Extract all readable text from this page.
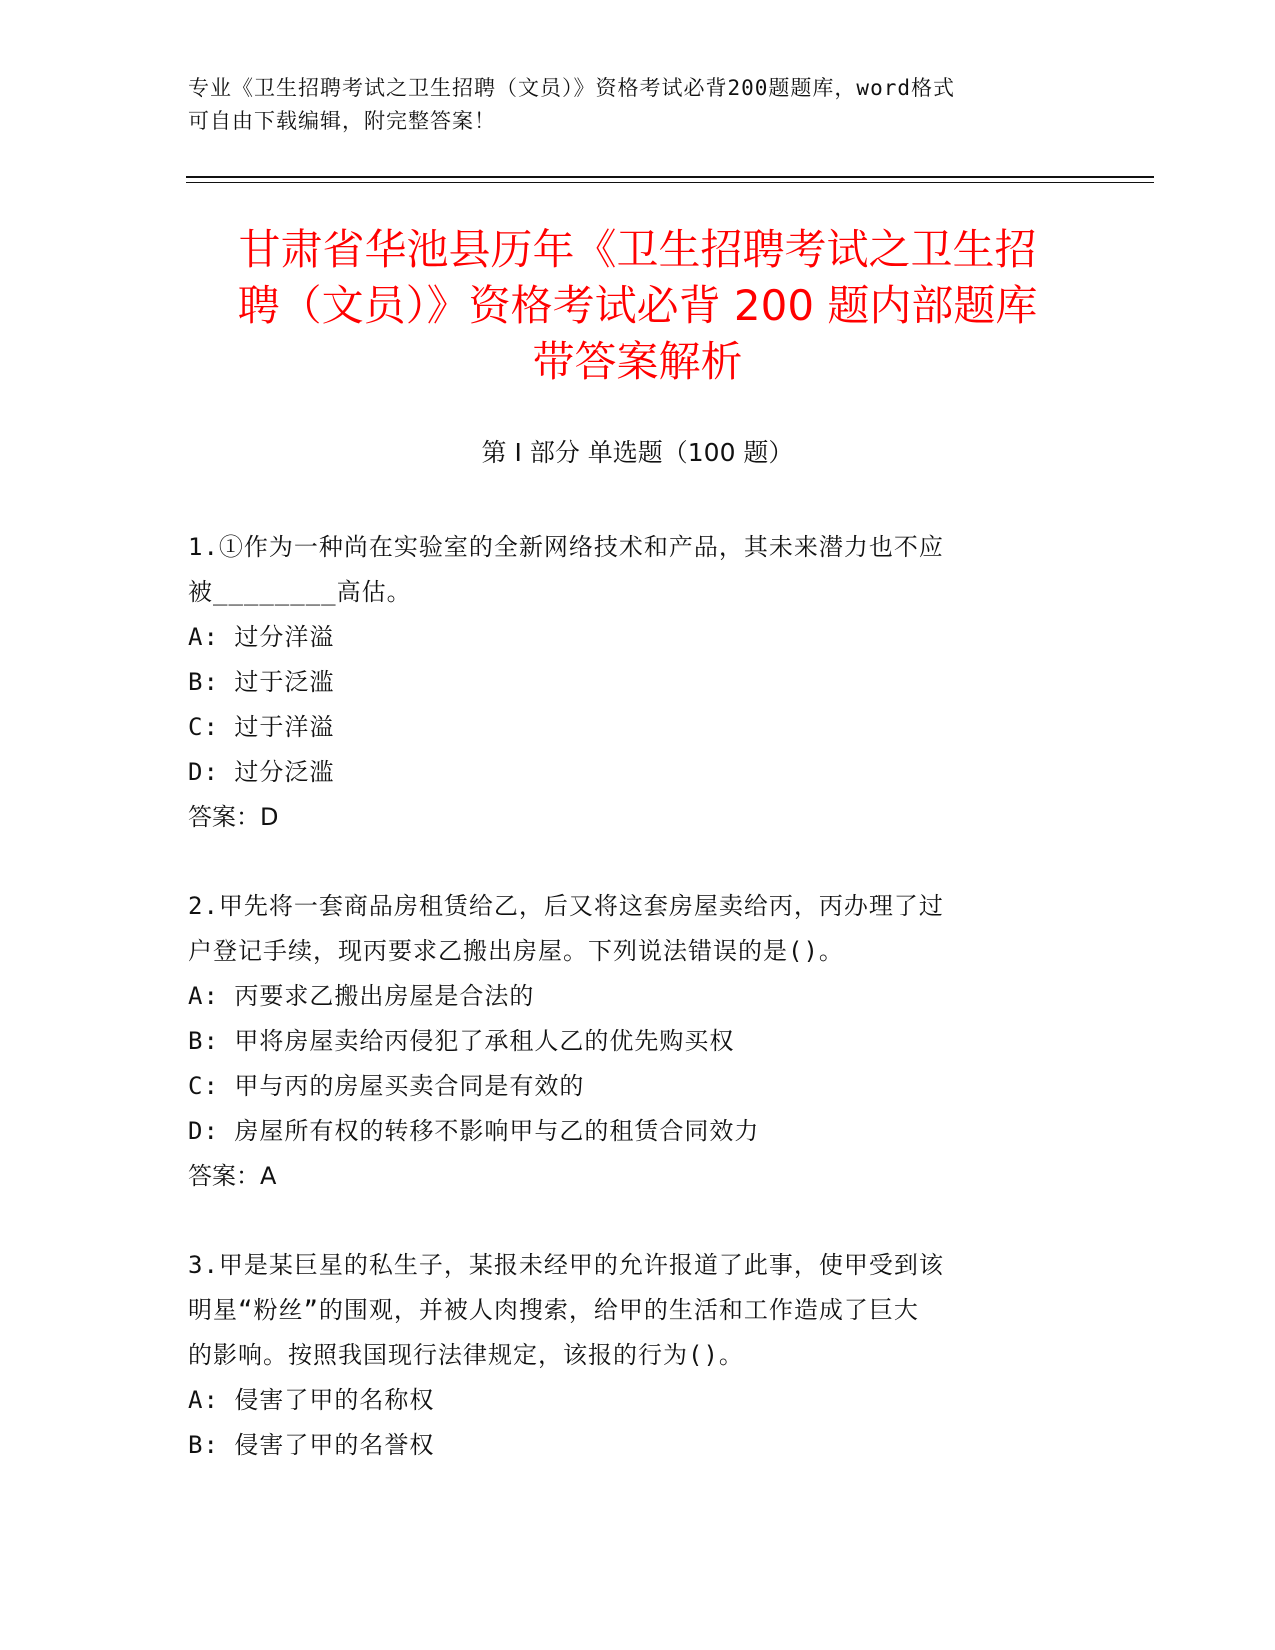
专业《卫生招聘考试之卫生招聘（文员）》资格考试必背200题题库，word格式
可自由下载编辑，附完整答案！
甘肃省华池县历年《卫生招聘考试之卫生招
聘（文员）》资格考试必背 200 题内部题库
带答案解析
第 I 部分 单选题（100 题）
1.①作为一种尚在实验室的全新网络技术和产品，其未来潜力也不应
被________高估。
A: 过分洋溢
B: 过于泛滥
C: 过于洋溢
D: 过分泛滥
答案：D
2.甲先将一套商品房租赁给乙，后又将这套房屋卖给丙，丙办理了过
户登记手续，现丙要求乙搬出房屋。下列说法错误的是()。
A: 丙要求乙搬出房屋是合法的
B: 甲将房屋卖给丙侵犯了承租人乙的优先购买权
C: 甲与丙的房屋买卖合同是有效的
D: 房屋所有权的转移不影响甲与乙的租赁合同效力
答案：A
3.甲是某巨星的私生子，某报未经甲的允许报道了此事，使甲受到该
明星“粉丝”的围观，并被人肉搜索，给甲的生活和工作造成了巨大
的影响。按照我国现行法律规定，该报的行为()。
A: 侵害了甲的名称权
B: 侵害了甲的名誉权
